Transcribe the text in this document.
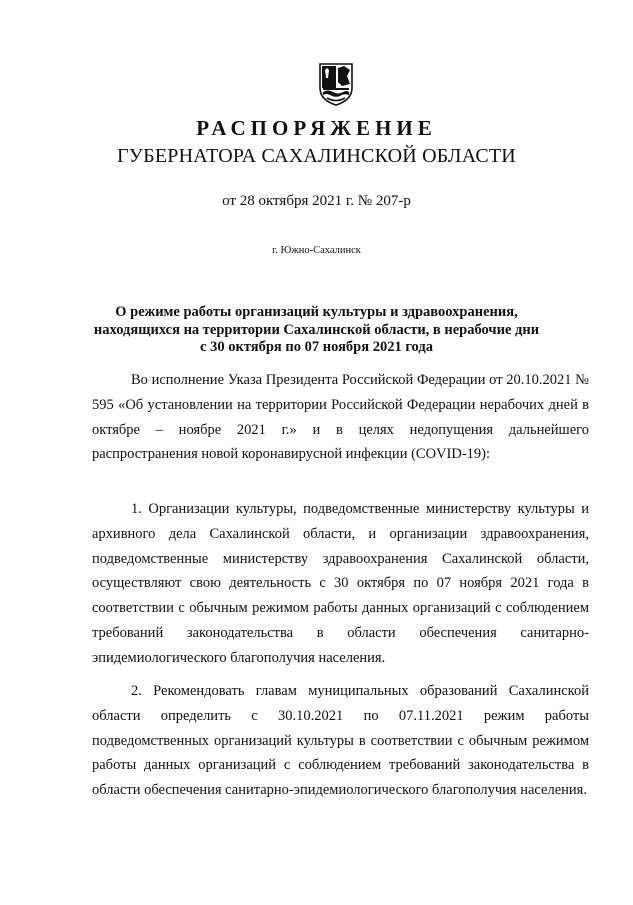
РАСПОРЯЖЕНИЕ
ГУБЕРНАТОРА САХАЛИНСКОЙ ОБЛАСТИ
от 28 октября 2021 г. № 207-р
г. Южно-Сахалинск
О режиме работы организаций культуры и здравоохранения,
находящихся на территории Сахалинской области, в нерабочие дни
с 30 октября по 07 ноября 2021 года

Во исполнение Указа Президента Российской Федерации от 20.10.2021 № 595 «Об установлении на территории Российской Федерации нерабочих дней в октябре – ноябре 2021 г.» и в целях недопущения дальнейшего распространения новой коронавирусной инфекции (COVID-19):

1. Организации культуры, подведомственные министерству культуры и архивного дела Сахалинской области, и организации здравоохранения, подведомственные министерству здравоохранения Сахалинской области, осуществляют свою деятельность с 30 октября по 07 ноября 2021 года в соответствии с обычным режимом работы данных организаций с соблюдением требований законодательства в области обеспечения санитарно-эпидемиологического благополучия населения.

2. Рекомендовать главам муниципальных образований Сахалинской области определить с 30.10.2021 по 07.11.2021 режим работы подведомственных организаций культуры в соответствии с обычным режимом работы данных организаций с соблюдением требований законодательства в области обеспечения санитарно-эпидемиологического благополучия населения.
